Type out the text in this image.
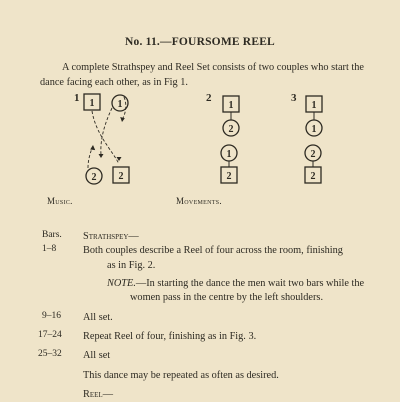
No. 11.—FOURSOME REEL
A complete Strathspey and Reel Set consists of two couples who start the dance facing each other, as in Fig 1.
1 1 1
2 2
2
1
2
1
2
3
1
1
2
2
Music.	Movements.
Bars. Strathspey—
1–8	Both couples describe a Reel of four across the room, finishing
as in Fig. 2.
NOTE.—In starting the dance the men wait two bars while the
women pass in the centre by the left shoulders.
9–16 All set.
17–24 Repeat Reel of four, finishing as in Fig. 3.
25–32 All set
This dance may be repeated as often as desired.
Reel—
